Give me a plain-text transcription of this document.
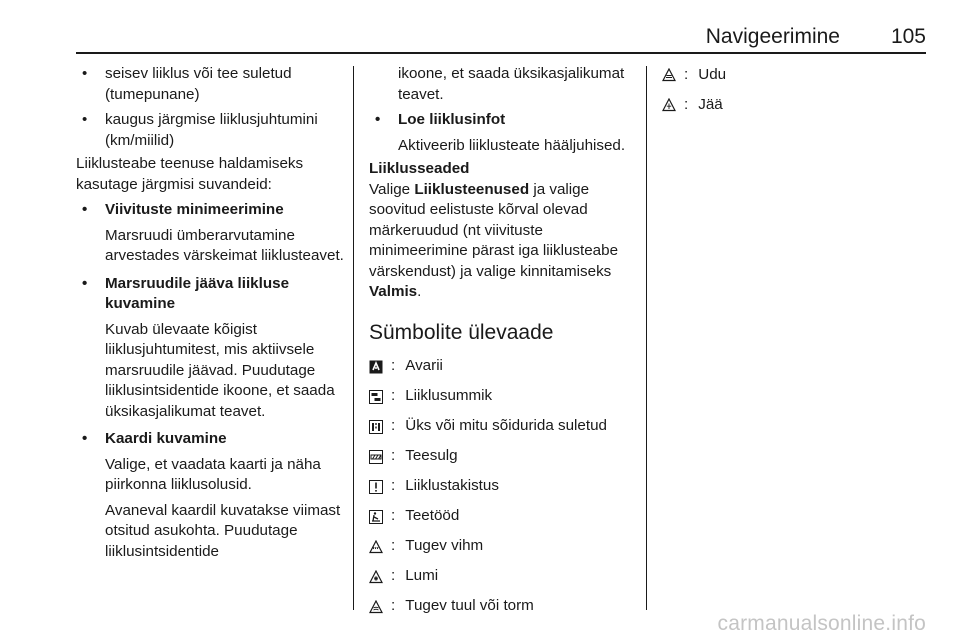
Navigeerimine 105

• seisev liiklus või tee suletud (tumepunane)

• kaugus järgmise liiklusjuhtumini (km/miilid)

Liiklusteabe teenuse haldamiseks kasutage järgmisi suvandeid:

• Viivituste minimeerimine

Marsruudi ümberarvutamine arvestades värskeimat liiklusteavet.

• Marsruudile jääva liikluse kuvamine

Kuvab ülevaate kõigist liiklusjuhtumitest, mis aktiivsele marsruudile jäävad. Puudutage liiklusintsidentide ikoone, et saada üksikasjalikumat teavet.

• Kaardi kuvamine

Valige, et vaadata kaarti ja näha piirkonna liiklusolusid.

Avaneval kaardil kuvatakse viimast otsitud asukohta. Puudutage liiklusintsidentide

ikoone, et saada üksikasjalikumat teavet.

• Loe liiklusinfot

Aktiveerib liiklusteate hääljuhised.

Liiklusseaded

Valige Liiklusteenused ja valige soovitud eelistuste kõrval olevad märkeruudud (nt viivituste minimeerimine pärast iga liiklusteabe värskendust) ja valige kinnitamiseks Valmis.

Sümbolite ülevaade
: Avarii
: Liiklusummik
: Üks või mitu sõidurida suletud
: Teesulg
: Liiklustakistus
: Teetööd
: Tugev vihm
: Lumi
: Tugev tuul või torm
: Udu
: Jää
carmanualsonline.info
